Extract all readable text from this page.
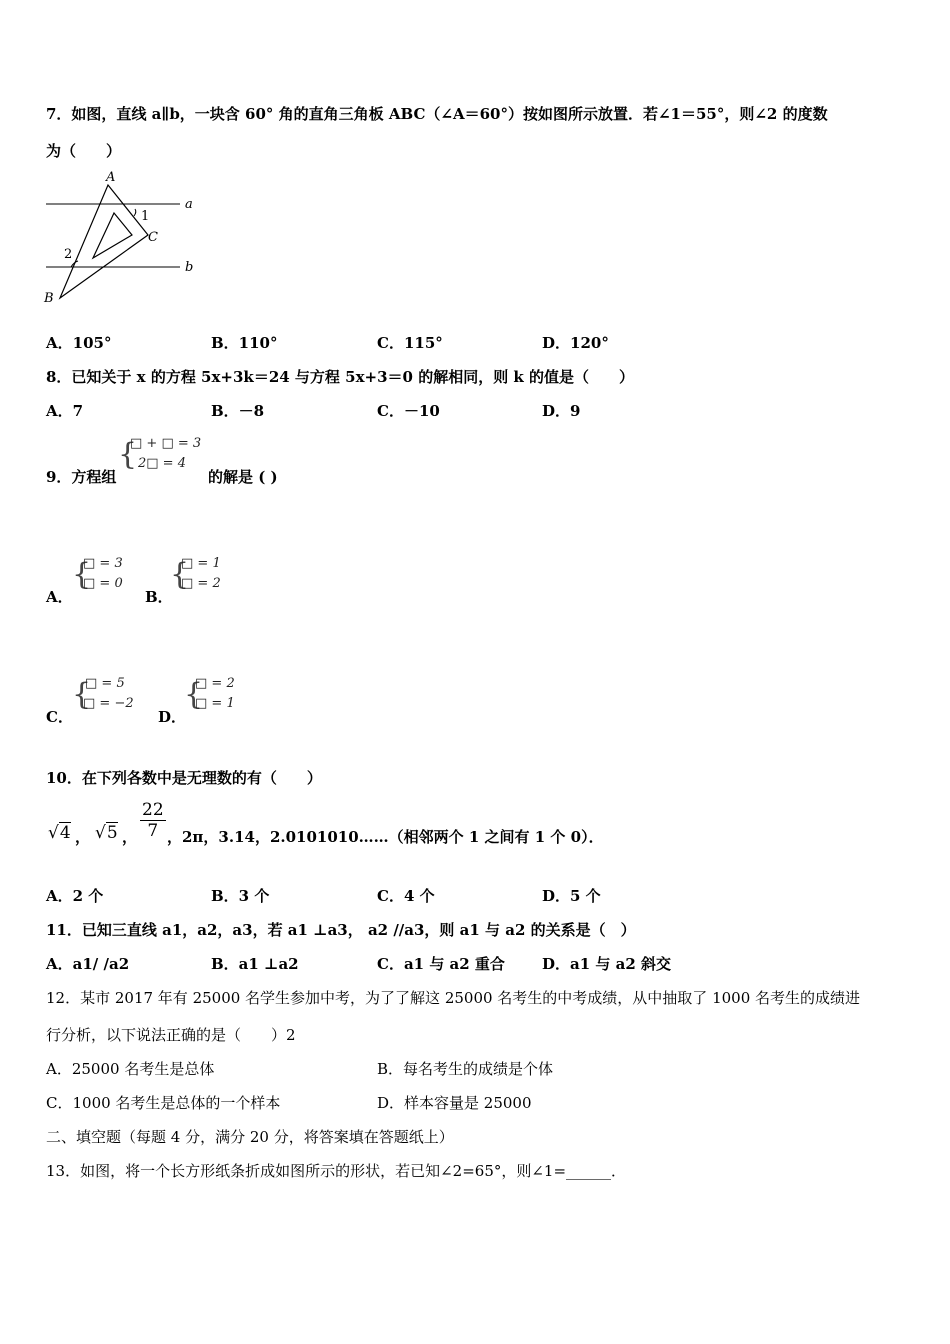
7．如图，直线 a∥b，一块含 60° 角的直角三角板 ABC（∠A＝60°）按如图所示放置．若∠1＝55°，则∠2 的度数
为（　　）
A
B
C
1
2
a
b
A．105°	B．110°	C．115°	D．120°
8．已知关于 x 的方程 5x+3k＝24 与方程 5x+3＝0 的解相同，则 k 的值是（　　）
A．7	B．－8	C．－10	D．9
9．方程组
{
□ + □ = 3
2□ = 4
的解是 ( )
A．
{
□ = 3
□ = 0
B．
{
□ = 1
□ = 2
C．
{
□ = 5
□ = −2
D．
{
□ = 2
□ = 1
10．在下列各数中是无理数的有（　　）
√4 ， √5 ， $\frac{22}{7}$ ，2π，3.14，2.0101010……（相邻两个 1 之间有 1 个 0）．
A．2 个	B．3 个	C．4 个	D．5 个
11．已知三直线 a1，a2，a3，若 a1 ⊥a3， a2 //a3，则 a1 与 a2 的关系是（　）
A．a1/ /a2	B．a1 ⊥a2	C．a1 与 a2 重合 D．a1 与 a2 斜交
12．某市 2017 年有 25000 名学生参加中考，为了了解这 25000 名考生的中考成绩，从中抽取了 1000 名考生的成绩进
行分析，以下说法正确的是（　　）2
A．25000 名考生是总体	B．每名考生的成绩是个体
C．1000 名考生是总体的一个样本	D．样本容量是 25000
二、填空题（每题 4 分，满分 20 分，将答案填在答题纸上）
13．如图，将一个长方形纸条折成如图所示的形状，若已知∠2=65°，则∠1=______．
